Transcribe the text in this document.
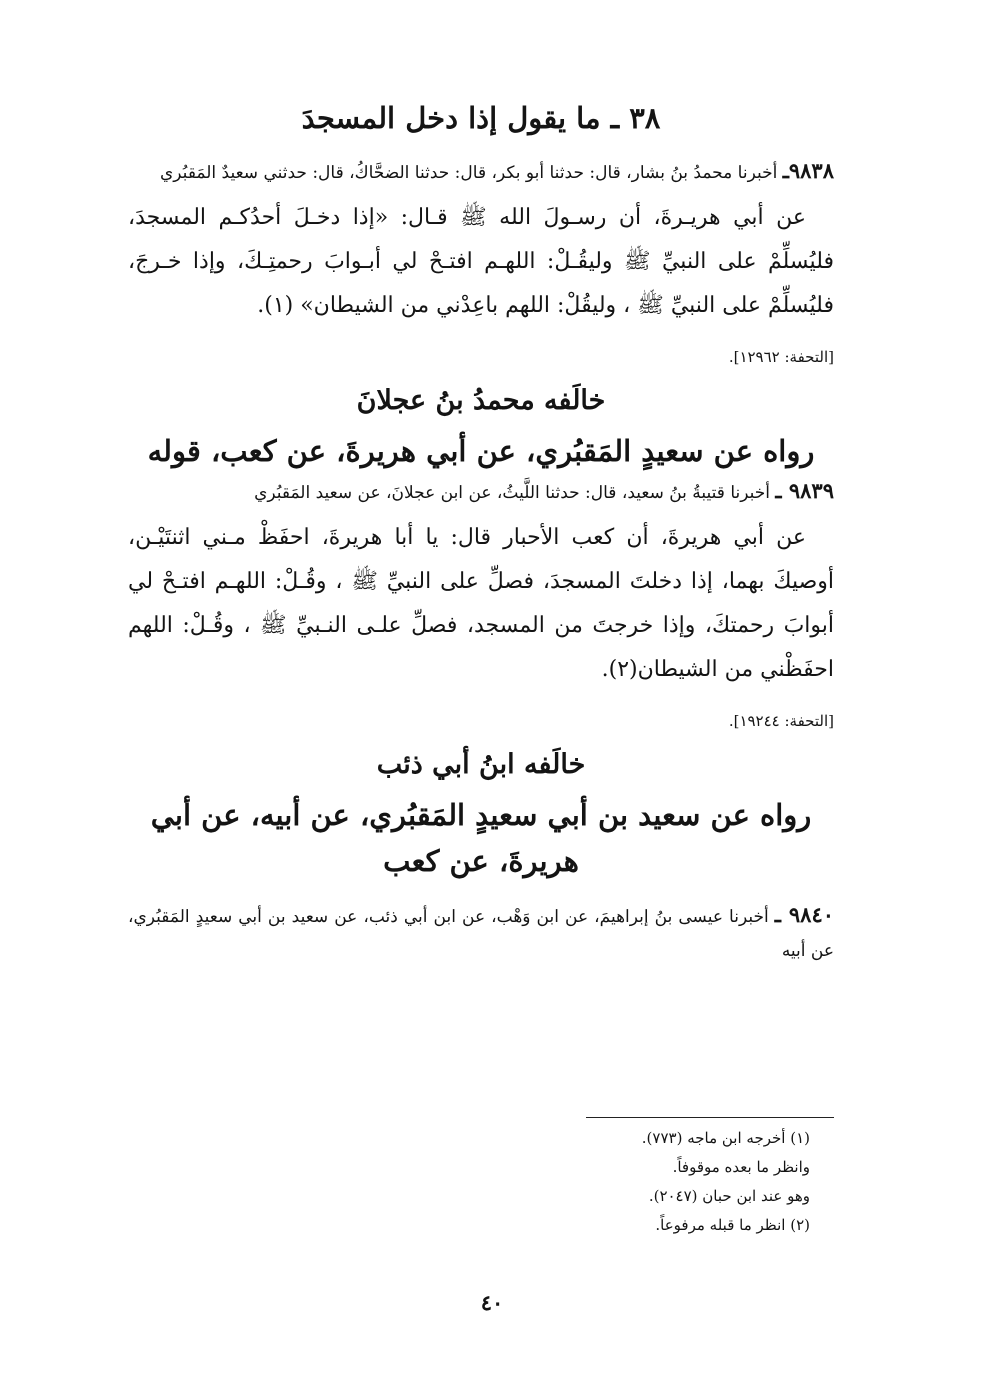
٣٨ ـ ما يقول إذا دخل المسجدَ

٩٨٣٨ـ أخبرنا محمدُ بنُ بشار، قال: حدثنا أبو بكر، قال: حدثنا الضحَّاكُ، قال: حدثني سعيدٌ المَقبُري

عن أبي هريـرةَ، أن رسـولَ الله ﷺ قـال: «إذا دخـلَ أحدُكـم المسجدَ، فليُسلِّمْ على النبيِّ ﷺ وليقُـلْ: اللهـم افتـحْ لي أبـوابَ رحمتِـكَ، وإذا خـرجَ، فليُسلِّمْ على النبيِّ ﷺ ، وليقُلْ: اللهم باعِدْني من الشيطان» (١).

[التحفة: ١٢٩٦٢].

خالَفه محمدُ بنُ عجلانَ
رواه عن سعيدٍ المَقبُري، عن أبي هريرةَ، عن كعب، قوله

٩٨٣٩ ـ أخبرنا قتيبةُ بنُ سعيد، قال: حدثنا اللَّيثُ، عن ابن عجلانَ، عن سعيد المَقبُري

عن أبي هريرةَ، أن كعب الأحبار قال: يا أبا هريرةَ، احفَظْ مـني اثنتَيْـن، أوصيكَ بهما، إذا دخلتَ المسجدَ، فصلِّ على النبيِّ ﷺ ، وقُـلْ: اللهـم افتـحْ لي أبوابَ رحمتكَ، وإذا خرجتَ من المسجد، فصلِّ علـى النـبيِّ ﷺ ، وقُـلْ: اللهم احفَظْني من الشيطان(٢).

[التحفة: ١٩٢٤٤].

خالَفه ابنُ أبي ذئب
رواه عن سعيد بن أبي سعيدٍ المَقبُري، عن أبيه، عن أبي هريرةَ، عن كعب

٩٨٤٠ ـ أخبرنا عيسى بنُ إبراهيمَ، عن ابن وَهْب، عن ابن أبي ذئب، عن سعيد بن أبي سعيدٍ المَقبُري، عن أبيه

(١) أخرجه ابن ماجه (٧٧٣).

وانظر ما بعده موقوفاً.

وهو عند ابن حبان (٢٠٤٧).

(٢) انظر ما قبله مرفوعاً.

٤٠
